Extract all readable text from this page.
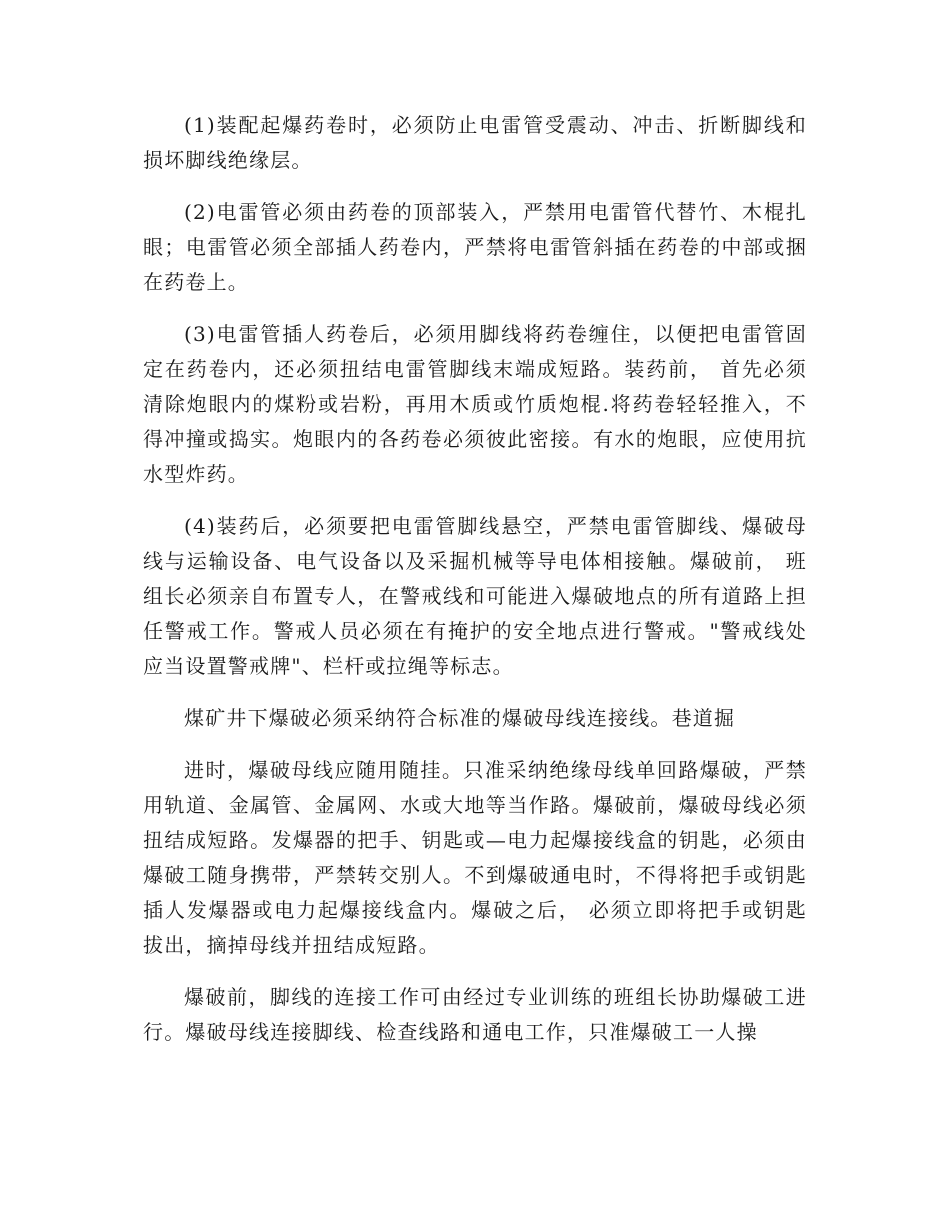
(1)装配起爆药卷时，必须防止电雷管受震动、冲击、折断脚线和损坏脚线绝缘层。

(2)电雷管必须由药卷的顶部装入，严禁用电雷管代替竹、木棍扎眼；电雷管必须全部插人药卷内，严禁将电雷管斜插在药卷的中部或捆在药卷上。

(3)电雷管插人药卷后，必须用脚线将药卷缠住，以便把电雷管固定在药卷内，还必须扭结电雷管脚线末端成短路。装药前， 首先必须清除炮眼内的煤粉或岩粉，再用木质或竹质炮棍.将药卷轻轻推入，不得冲撞或捣实。炮眼内的各药卷必须彼此密接。有水的炮眼，应使用抗水型炸药。

(4)装药后，必须要把电雷管脚线悬空，严禁电雷管脚线、爆破母线与运输设备、电气设备以及采掘机械等导电体相接触。爆破前， 班组长必须亲自布置专人，在警戒线和可能进入爆破地点的所有道路上担任警戒工作。警戒人员必须在有掩护的安全地点进行警戒。"警戒线处应当设置警戒牌"、栏杆或拉绳等标志。

煤矿井下爆破必须采纳符合标准的爆破母线连接线。巷道掘

进时，爆破母线应随用随挂。只准采纳绝缘母线单回路爆破，严禁用轨道、金属管、金属网、水或大地等当作路。爆破前，爆破母线必须扭结成短路。发爆器的把手、钥匙或—电力起爆接线盒的钥匙，必须由爆破工随身携带，严禁转交别人。不到爆破通电时，不得将把手或钥匙插人发爆器或电力起爆接线盒内。爆破之后， 必须立即将把手或钥匙拔出，摘掉母线并扭结成短路。

爆破前，脚线的连接工作可由经过专业训练的班组长协助爆破工进行。爆破母线连接脚线、检查线路和通电工作，只准爆破工一人操
